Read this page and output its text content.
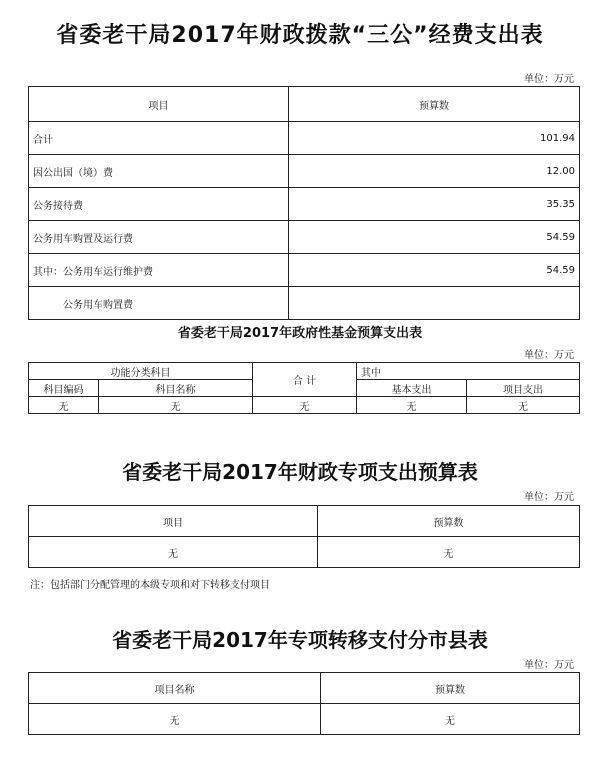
省委老干局2017年财政拨款“三公”经费支出表
单位：万元
项目	预算数
合计	101.94
因公出国（境）费	12.00
公务接待费	35.35
公务用车购置及运行费	54.59
其中：公务用车运行维护费	54.59
公务用车购置费	
省委老干局2017年政府性基金预算支出表
单位：万元
功能分类科目		合 计	其中	
科目编码	科目名称		基本支出	项目支出
无	无	无	无	无
省委老干局2017年财政专项支出预算表
单位：万元
项目	预算数
无	无
注：包括部门分配管理的本级专项和对下转移支付项目
省委老干局2017年专项转移支付分市县表
单位：万元
项目名称	预算数
无	无
